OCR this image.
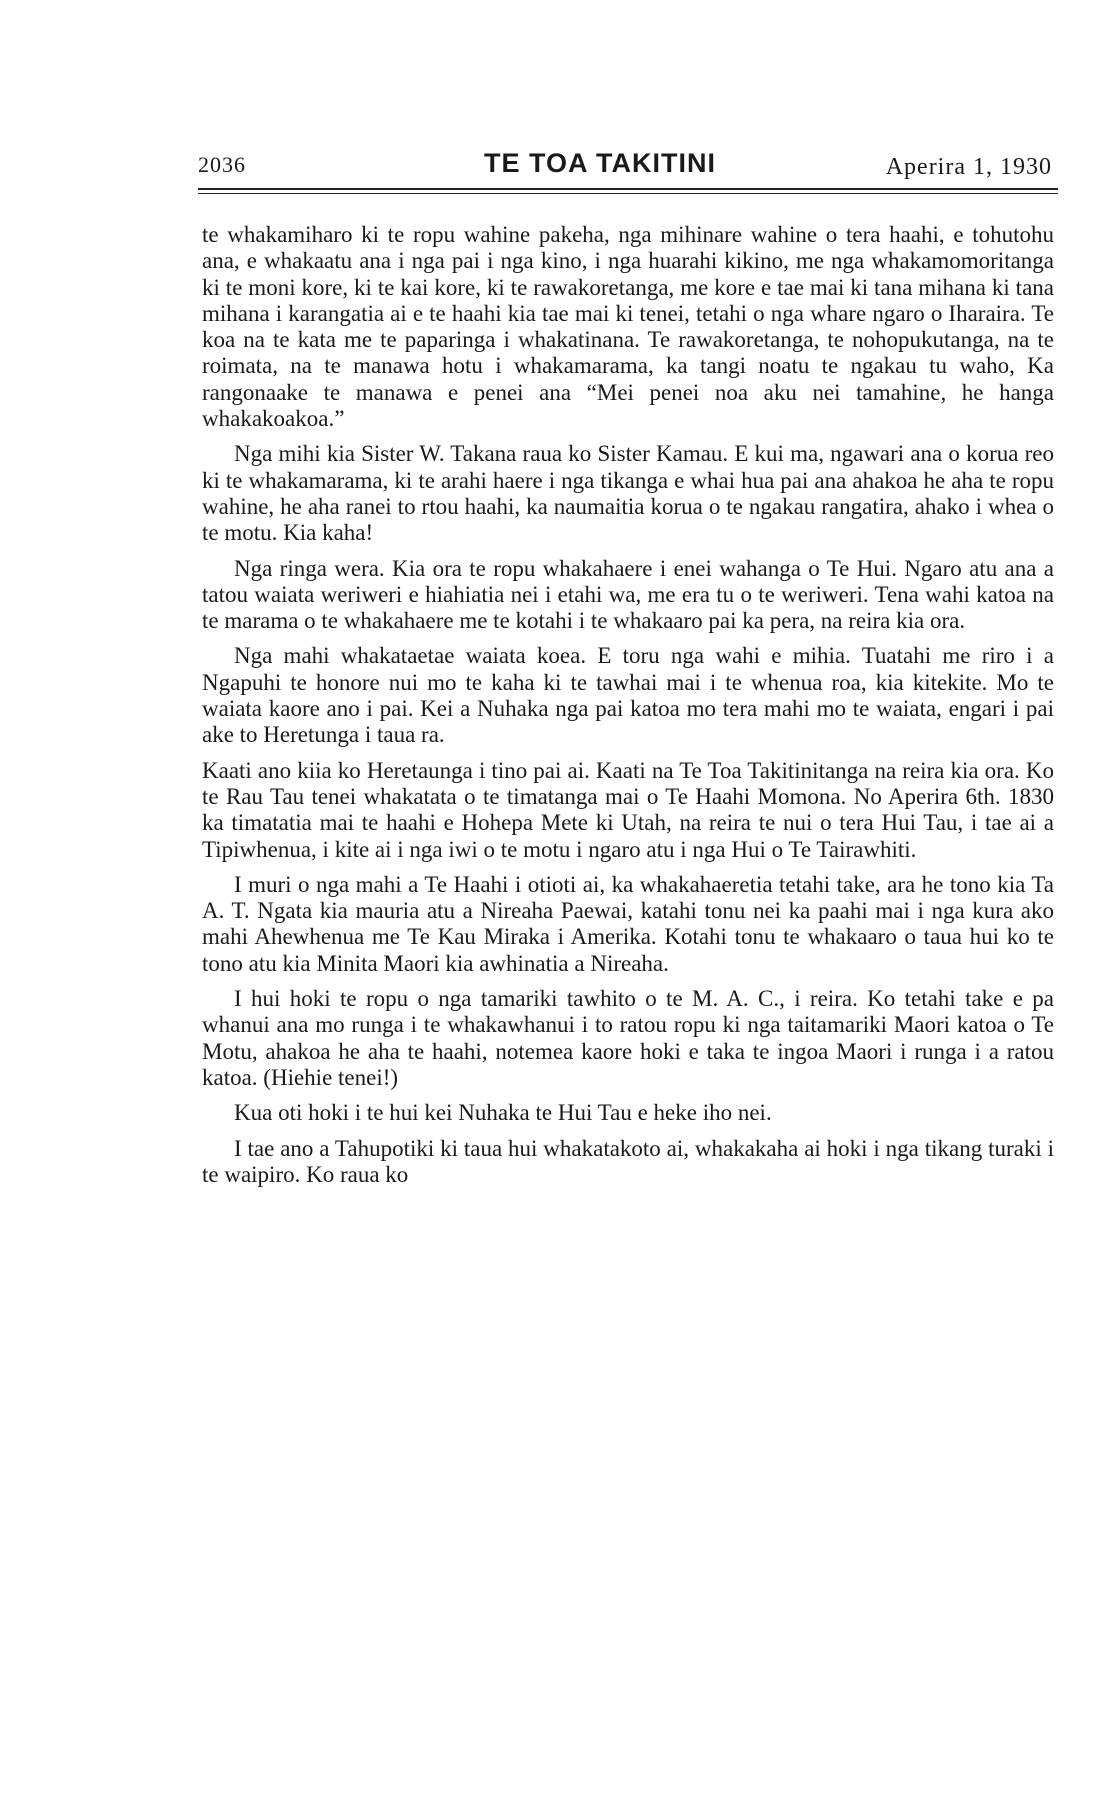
2036	TE TOA TAKITINI	Aperira 1, 1930

te whakamiharo ki te ropu wahine pakeha, nga mihinare wahine o tera haahi, e tohutohu ana, e whakaatu ana i nga pai i nga kino, i nga huarahi kikino, me nga whakamomoritanga ki te moni kore, ki te kai kore, ki te rawakoretanga, me kore e tae mai ki tana mihana ki tana mihana i karangatia ai e te haahi kia tae mai ki tenei, tetahi o nga whare ngaro o Iharaira. Te koa na te kata me te paparinga i whakatinana. Te rawakoretanga, te nohopukutanga, na te roimata, na te manawa hotu i whakamarama, ka tangi noatu te ngakau tu waho, Ka rangonaake te manawa e penei ana “Mei penei noa aku nei tamahine, he hanga whakakoakoa.”

Nga mihi kia Sister W. Takana raua ko Sister Kamau. E kui ma, ngawari ana o korua reo ki te whakamarama, ki te arahi haere i nga tikanga e whai hua pai ana ahakoa he aha te ropu wahine, he aha ranei to rtou haahi, ka naumaitia korua o te ngakau rangatira, ahako i whea o te motu. Kia kaha!

Nga ringa wera. Kia ora te ropu whakahaere i enei wahanga o Te Hui. Ngaro atu ana a tatou waiata weriweri e hiahiatia nei i etahi wa, me era tu o te weriweri. Tena wahi katoa na te marama o te whakahaere me te kotahi i te whakaaro pai ka pera, na reira kia ora.

Nga mahi whakataetae waiata koea. E toru nga wahi e mihia. Tuatahi me riro i a Ngapuhi te honore nui mo te kaha ki te tawhai mai i te whenua roa, kia kitekite. Mo te waiata kaore ano i pai. Kei a Nuhaka nga pai katoa mo tera mahi mo te waiata, engari i pai ake to Heretunga i taua ra.

Kaati ano kiia ko Heretaunga i tino pai ai. Kaati na Te Toa Takitinitanga na reira kia ora. Ko te Rau Tau tenei whakatata o te timatanga mai o Te Haahi Momona. No Aperira 6th. 1830 ka timatatia mai te haahi e Hohepa Mete ki Utah, na reira te nui o tera Hui Tau, i tae ai a Tipiwhenua, i kite ai i nga iwi o te motu i ngaro atu i nga Hui o Te Tairawhiti.

I muri o nga mahi a Te Haahi i otioti ai, ka whakahaeretia tetahi take, ara he tono kia Ta A. T. Ngata kia mauria atu a Nireaha Paewai, katahi tonu nei ka paahi mai i nga kura ako mahi Ahewhenua me Te Kau Miraka i Amerika. Kotahi tonu te whakaaro o taua hui ko te tono atu kia Minita Maori kia awhinatia a Nireaha.

I hui hoki te ropu o nga tamariki tawhito o te M. A. C., i reira. Ko tetahi take e pa whanui ana mo runga i te whakawhanui i to ratou ropu ki nga taitamariki Maori katoa o Te Motu, ahakoa he aha te haahi, notemea kaore hoki e taka te ingoa Maori i runga i a ratou katoa. (Hiehie tenei!)

Kua oti hoki i te hui kei Nuhaka te Hui Tau e heke iho nei.

I tae ano a Tahupotiki ki taua hui whakatakoto ai, whakakaha ai hoki i nga tikang turaki i te waipiro. Ko raua ko
